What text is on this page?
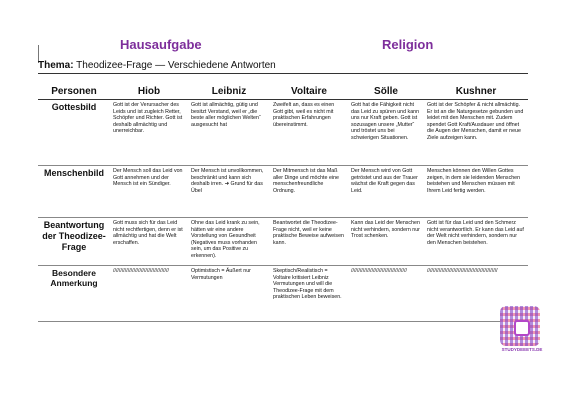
Hausaufgabe	Religion
Thema: Theodizee-Frage — Verschiedene Antworten
Personen	Hiob	Leibniz	Voltaire	Sölle	Kushner
Gottesbild	Gott ist der Verursacher des Leids und ist zugleich Retter, Schöpfer und Richter. Gott ist deshalb allmächtig und unerreichbar.	Gott ist allmächtig, gütig und besitzt Verstand, weil er „die beste aller möglichen Welten“ ausgesucht hat	Zweifelt an, dass es einen Gott gibt, weil es nicht mit praktischen Erfahrungen übereinstimmt.	Gott hat die Fähigkeit nicht das Leid zu spüren und kann uns nur Kraft geben. Gott ist sozusagen unsere „Mutter“ und tröstet uns bei schwierigen Situationen.	Gott ist der Schöpfer & nicht allmächtig. Er ist an die Naturgesetze gebunden und leidet mit den Menschen mit. Zudem spendet Gott Kraft/Ausdauer und öffnet die Augen der Menschen, damit er neue Ziele aufzeigen kann.
Menschenbild	Der Mensch soll das Leid von Gott annehmen und der Mensch ist ein Sündiger.	Der Mensch ist unvollkommen, beschränkt und kann sich deshalb irren. ➜ Grund für das Übel	Der Mitmensch ist das Maß aller Dinge und möchte eine menschenfreundliche Ordnung.	Der Mensch wird von Gott getröstet und aus der Trauer wächst die Kraft gegen das Leid.	Menschen können den Willen Gottes zeigen, in dem sie leidenden Menschen beistehen und Menschen müssen mit Ihrem Leid fertig werden.
Beantwortung der Theodizee-Frage	Gott muss sich für das Leid nicht rechtfertigen, denn er ist allmächtig und hat die Welt erschaffen.	Ohne das Leid krank zu sein, hätten wir eine andere Vorstellung von Gesundheit (Negatives muss vorhanden sein, um das Positive zu erkennen).	Beantwortet die Theodizee-Frage nicht, weil er keine praktische Beweise aufweisen kann.	Kann das Leid der Menschen nicht verhindern, sondern nur Trost schenken.	Gott ist für das Leid und den Schmerz nicht verantwortlich. Er kann das Leid auf der Welt nicht verhindern, sondern nur den Menschen beistehen.
Besondere Anmerkung	//////////////////////////////////////	Optimistisch = Äußert nur Vermutungen	Skeptisch/Realistisch = Voltaire kritisiert Leibniz Vermutungen und will die Theodizee-Frage mit dem praktischen Leben beweisen.	//////////////////////////////////////	////////////////////////////////////////////////
STUDYDEEETS.DE
